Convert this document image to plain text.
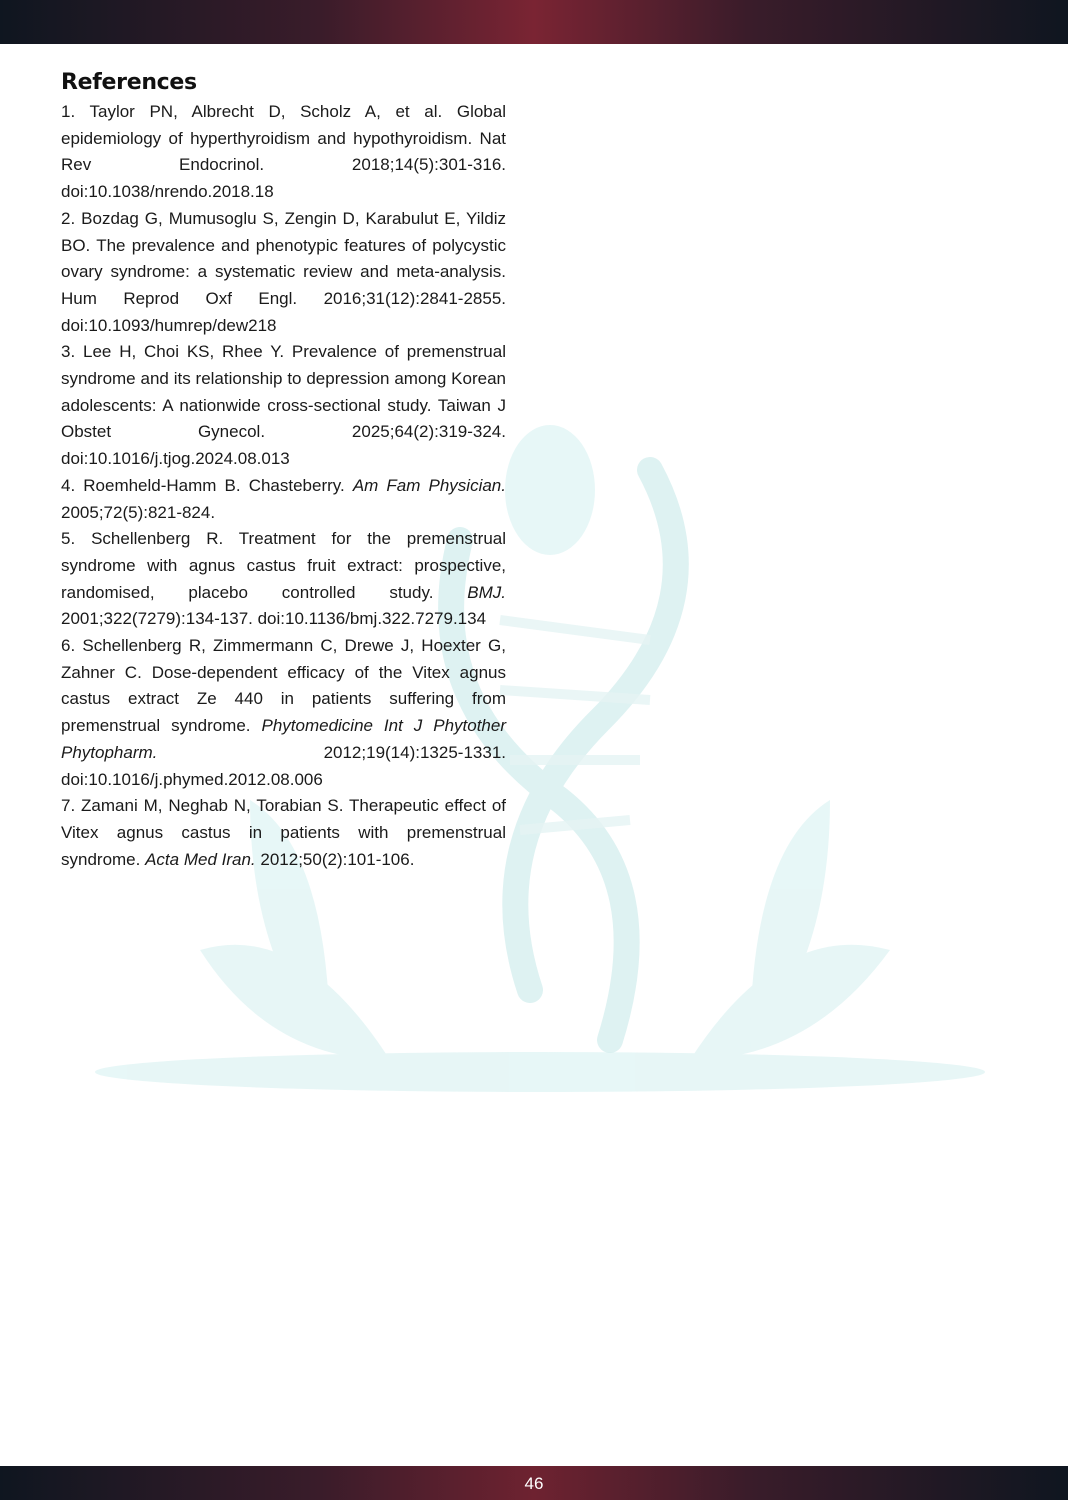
References

1. Taylor PN, Albrecht D, Scholz A, et al. Global epidemiology of hyperthyroidism and hypothyroidism. Nat Rev Endocrinol. 2018;14(5):301-316. doi:10.1038/nrendo.2018.18

2. Bozdag G, Mumusoglu S, Zengin D, Karabulut E, Yildiz BO. The prevalence and phenotypic features of polycystic ovary syndrome: a systematic review and meta-analysis. Hum Reprod Oxf Engl. 2016;31(12):2841-2855. doi:10.1093/humrep/dew218

3. Lee H, Choi KS, Rhee Y. Prevalence of premenstrual syndrome and its relationship to depression among Korean adolescents: A nationwide cross-sectional study. Taiwan J Obstet Gynecol. 2025;64(2):319-324. doi:10.1016/j.tjog.2024.08.013

4. Roemheld-Hamm B. Chasteberry. Am Fam Physician. 2005;72(5):821-824.

5. Schellenberg R. Treatment for the premenstrual syndrome with agnus castus fruit extract: prospective, randomised, placebo controlled study. BMJ. 2001;322(7279):134-137. doi:10.1136/bmj.322.7279.134

6. Schellenberg R, Zimmermann C, Drewe J, Hoexter G, Zahner C. Dose-dependent efficacy of the Vitex agnus castus extract Ze 440 in patients suffering from premenstrual syndrome. Phytomedicine Int J Phytother Phytopharm. 2012;19(14):1325-1331. doi:10.1016/j.phymed.2012.08.006

7. Zamani M, Neghab N, Torabian S. Therapeutic effect of Vitex agnus castus in patients with premenstrual syndrome. Acta Med Iran. 2012;50(2):101-106.

46
